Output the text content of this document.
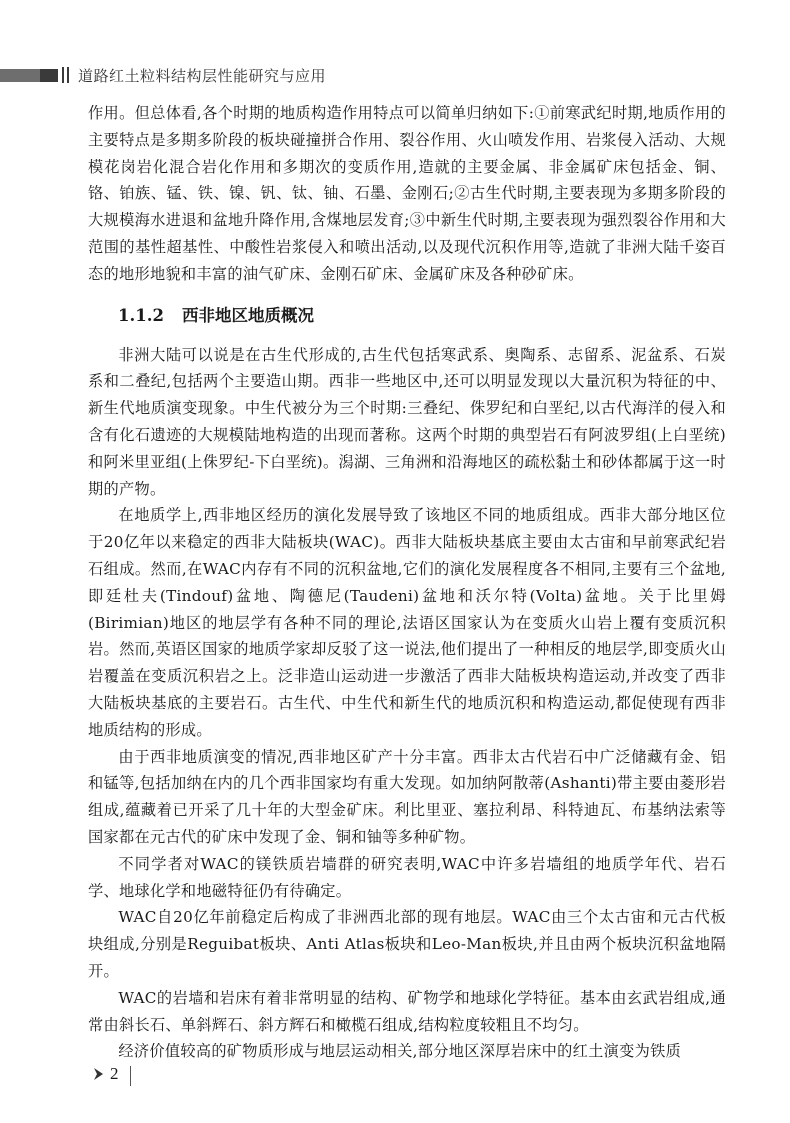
道路红土粒料结构层性能研究与应用

作用。但总体看,各个时期的地质构造作用特点可以简单归纳如下:①前寒武纪时期,地质作用的主要特点是多期多阶段的板块碰撞拼合作用、裂谷作用、火山喷发作用、岩浆侵入活动、大规模花岗岩化混合岩化作用和多期次的变质作用,造就的主要金属、非金属矿床包括金、铜、铬、铂族、锰、铁、镍、钒、钛、铀、石墨、金刚石;②古生代时期,主要表现为多期多阶段的大规模海水进退和盆地升降作用,含煤地层发育;③中新生代时期,主要表现为强烈裂谷作用和大范围的基性超基性、中酸性岩浆侵入和喷出活动,以及现代沉积作用等,造就了非洲大陆千姿百态的地形地貌和丰富的油气矿床、金刚石矿床、金属矿床及各种砂矿床。

1.1.2 西非地区地质概况

非洲大陆可以说是在古生代形成的,古生代包括寒武系、奥陶系、志留系、泥盆系、石炭系和二叠纪,包括两个主要造山期。西非一些地区中,还可以明显发现以大量沉积为特征的中、新生代地质演变现象。中生代被分为三个时期:三叠纪、侏罗纪和白垩纪,以古代海洋的侵入和含有化石遗迹的大规模陆地构造的出现而著称。这两个时期的典型岩石有阿波罗组(上白垩统)和阿米里亚组(上侏罗纪-下白垩统)。潟湖、三角洲和沿海地区的疏松黏土和砂体都属于这一时期的产物。

在地质学上,西非地区经历的演化发展导致了该地区不同的地质组成。西非大部分地区位于20亿年以来稳定的西非大陆板块(WAC)。西非大陆板块基底主要由太古宙和早前寒武纪岩石组成。然而,在WAC内存有不同的沉积盆地,它们的演化发展程度各不相同,主要有三个盆地,即廷杜夫(Tindouf)盆地、陶德尼(Taudeni)盆地和沃尔特(Volta)盆地。关于比里姆(Birimian)地区的地层学有各种不同的理论,法语区国家认为在变质火山岩上覆有变质沉积岩。然而,英语区国家的地质学家却反驳了这一说法,他们提出了一种相反的地层学,即变质火山岩覆盖在变质沉积岩之上。泛非造山运动进一步激活了西非大陆板块构造运动,并改变了西非大陆板块基底的主要岩石。古生代、中生代和新生代的地质沉积和构造运动,都促使现有西非地质结构的形成。

由于西非地质演变的情况,西非地区矿产十分丰富。西非太古代岩石中广泛储藏有金、铝和锰等,包括加纳在内的几个西非国家均有重大发现。如加纳阿散蒂(Ashanti)带主要由菱形岩组成,蕴藏着已开采了几十年的大型金矿床。利比里亚、塞拉利昂、科特迪瓦、布基纳法索等国家都在元古代的矿床中发现了金、铜和铀等多种矿物。

不同学者对WAC的镁铁质岩墙群的研究表明,WAC中许多岩墙组的地质学年代、岩石学、地球化学和地磁特征仍有待确定。

WAC自20亿年前稳定后构成了非洲西北部的现有地层。WAC由三个太古宙和元古代板块组成,分别是Reguibat板块、Anti Atlas板块和Leo-Man板块,并且由两个板块沉积盆地隔开。

WAC的岩墙和岩床有着非常明显的结构、矿物学和地球化学特征。基本由玄武岩组成,通常由斜长石、单斜辉石、斜方辉石和橄榄石组成,结构粒度较粗且不均匀。

经济价值较高的矿物质形成与地层运动相关,部分地区深厚岩床中的红土演变为铁质

2
